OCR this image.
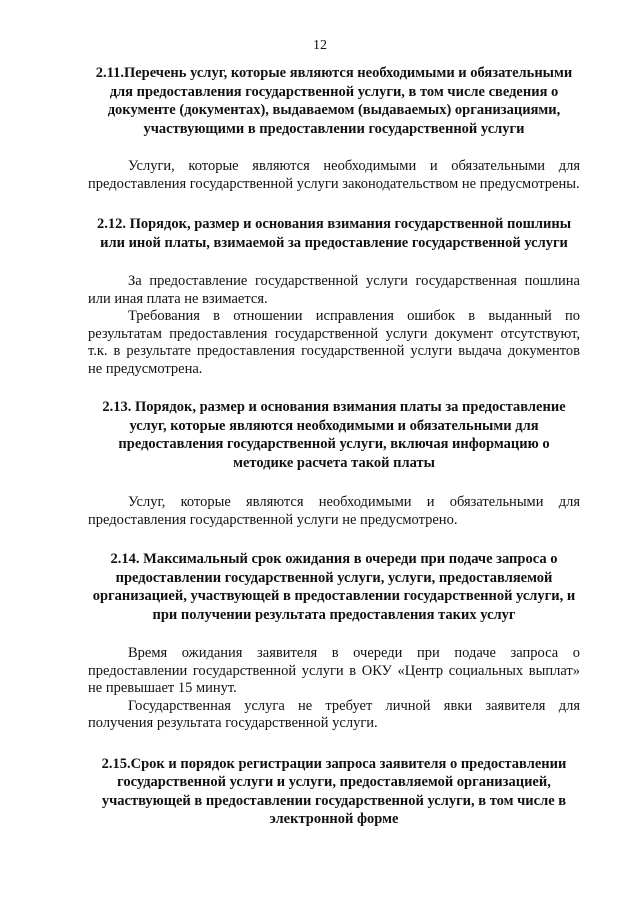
12

2.11.Перечень услуг, которые являются необходимыми и обязательными для предоставления государственной услуги, в том числе сведения о документе (документах), выдаваемом (выдаваемых) организациями, участвующими в предоставлении государственной услуги

Услуги, которые являются необходимыми и обязательными для предоставления государственной услуги законодательством не предусмотрены.

2.12. Порядок, размер и основания взимания государственной пошлины или иной платы, взимаемой за предоставление государственной услуги

За предоставление государственной услуги государственная пошлина или иная плата не взимается.

Требования в отношении исправления ошибок в выданный по результатам предоставления государственной услуги документ отсутствуют, т.к. в результате предоставления государственной услуги выдача документов не предусмотрена.

2.13. Порядок, размер и основания взимания платы за предоставление услуг, которые являются необходимыми и обязательными для предоставления государственной услуги, включая информацию о методике расчета такой платы

Услуг, которые являются необходимыми и обязательными для предоставления государственной услуги не предусмотрено.

2.14. Максимальный срок ожидания в очереди при подаче запроса о предоставлении государственной услуги, услуги, предоставляемой организацией, участвующей в предоставлении государственной услуги, и при получении результата предоставления таких услуг

Время ожидания заявителя в очереди при подаче запроса о предоставлении государственной услуги в ОКУ «Центр социальных выплат» не превышает 15 минут.

Государственная услуга не требует личной явки заявителя для получения результата государственной услуги.

2.15.Срок и порядок регистрации запроса заявителя о предоставлении государственной услуги и услуги, предоставляемой организацией, участвующей в предоставлении государственной услуги, в том числе в электронной форме
